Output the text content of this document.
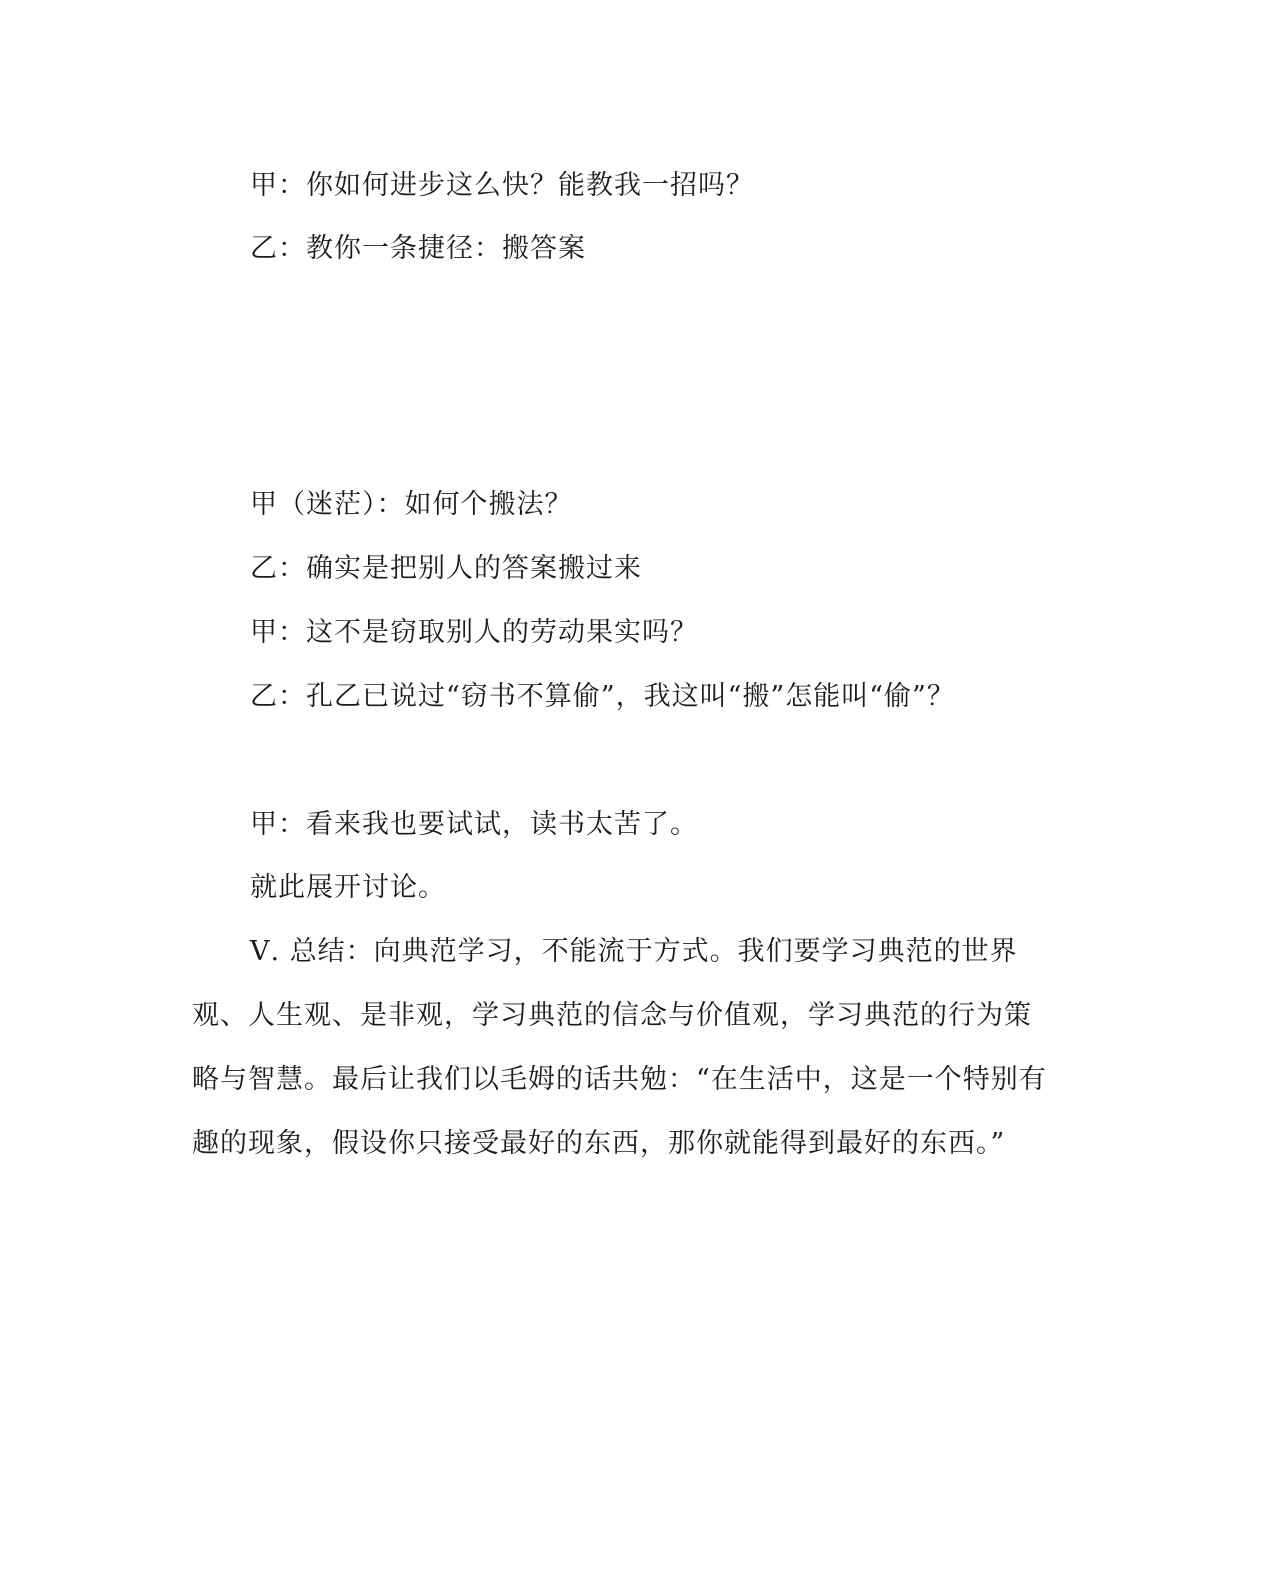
甲：你如何进步这么快？能教我一招吗？
乙：教你一条捷径：搬答案
甲（迷茫）：如何个搬法？
乙：确实是把别人的答案搬过来
甲：这不是窃取别人的劳动果实吗？
乙：孔乙已说过“窃书不算偷”，我这叫“搬”怎能叫“偷”？
甲：看来我也要试试，读书太苦了。
就此展开讨论。
Ⅴ. 总结：向典范学习，不能流于方式。我们要学习典范的世界
观、人生观、是非观，学习典范的信念与价值观，学习典范的行为策
略与智慧。最后让我们以毛姆的话共勉：“在生活中，这是一个特别有
趣的现象，假设你只接受最好的东西，那你就能得到最好的东西。”
